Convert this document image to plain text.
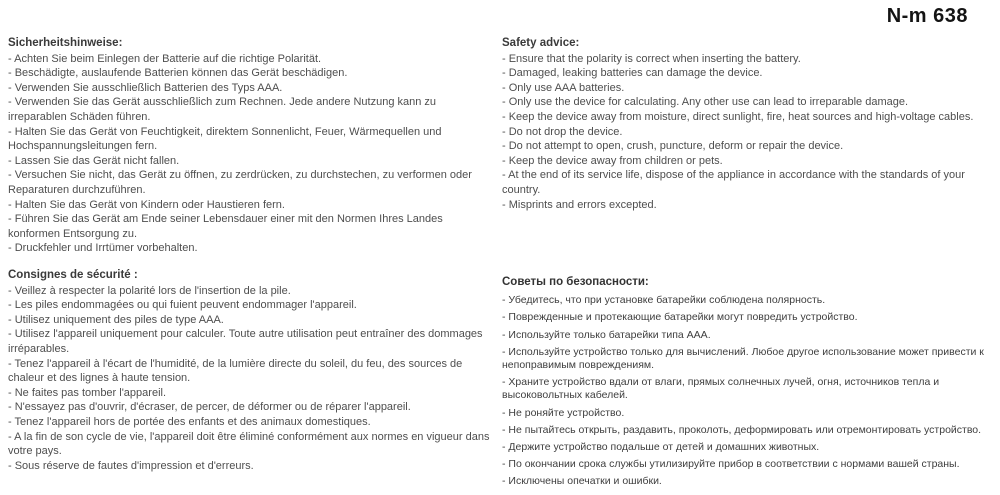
N-m 638
Sicherheitshinweise:
- Achten Sie beim Einlegen der Batterie auf die richtige Polarität.
- Beschädigte, auslaufende Batterien können das Gerät beschädigen.
- Verwenden Sie ausschließlich Batterien des Typs AAA.
- Verwenden Sie das Gerät ausschließlich zum Rechnen. Jede andere Nutzung kann zu irreparablen Schäden führen.
- Halten Sie das Gerät von Feuchtigkeit, direktem Sonnenlicht, Feuer, Wärmequellen und Hochspannungsleitungen fern.
- Lassen Sie das Gerät nicht fallen.
- Versuchen Sie nicht, das Gerät zu öffnen, zu zerdrücken, zu durchstechen, zu verformen oder Reparaturen durchzuführen.
- Halten Sie das Gerät von Kindern oder Haustieren fern.
- Führen Sie das Gerät am Ende seiner Lebensdauer einer mit den Normen Ihres Landes konformen Entsorgung zu.
- Druckfehler und Irrtümer vorbehalten.
Safety advice:
- Ensure that the polarity is correct when inserting the battery.
- Damaged, leaking batteries can damage the device.
- Only use AAA batteries.
- Only use the device for calculating. Any other use can lead to irreparable damage.
- Keep the device away from moisture, direct sunlight, fire, heat sources and high-voltage cables.
- Do not drop the device.
- Do not attempt to open, crush, puncture, deform or repair the device.
- Keep the device away from children or pets.
- At the end of its service life, dispose of the appliance in accordance with the standards of your country.
- Misprints and errors excepted.
Consignes de sécurité :
- Veillez à respecter la polarité lors de l'insertion de la pile.
- Les piles endommagées ou qui fuient peuvent endommager l'appareil.
- Utilisez uniquement des piles de type AAA.
- Utilisez l'appareil uniquement pour calculer. Toute autre utilisation peut entraîner des dommages irréparables.
- Tenez l'appareil à l'écart de l'humidité, de la lumière directe du soleil, du feu, des sources de chaleur et des lignes à haute tension.
- Ne faites pas tomber l'appareil.
- N'essayez pas d'ouvrir, d'écraser, de percer, de déformer ou de réparer l'appareil.
- Tenez l'appareil hors de portée des enfants et des animaux domestiques.
- A la fin de son cycle de vie, l'appareil doit être éliminé conformément aux normes en vigueur dans votre pays.
- Sous réserve de fautes d'impression et d'erreurs.
Советы по безопасности:
- Убедитесь, что при установке батарейки соблюдена полярность.
- Поврежденные и протекающие батарейки могут повредить устройство.
- Используйте только батарейки типа AAA.
- Используйте устройство только для вычислений. Любое другое использование может привести к непоправимым повреждениям.
- Храните устройство вдали от влаги, прямых солнечных лучей, огня, источников тепла и высоковольтных кабелей.
- Не роняйте устройство.
- Не пытайтесь открыть, раздавить, проколоть, деформировать или отремонтировать устройство.
- Держите устройство подальше от детей и домашних животных.
- По окончании срока службы утилизируйте прибор в соответствии с нормами вашей страны.
- Исключены опечатки и ошибки.
